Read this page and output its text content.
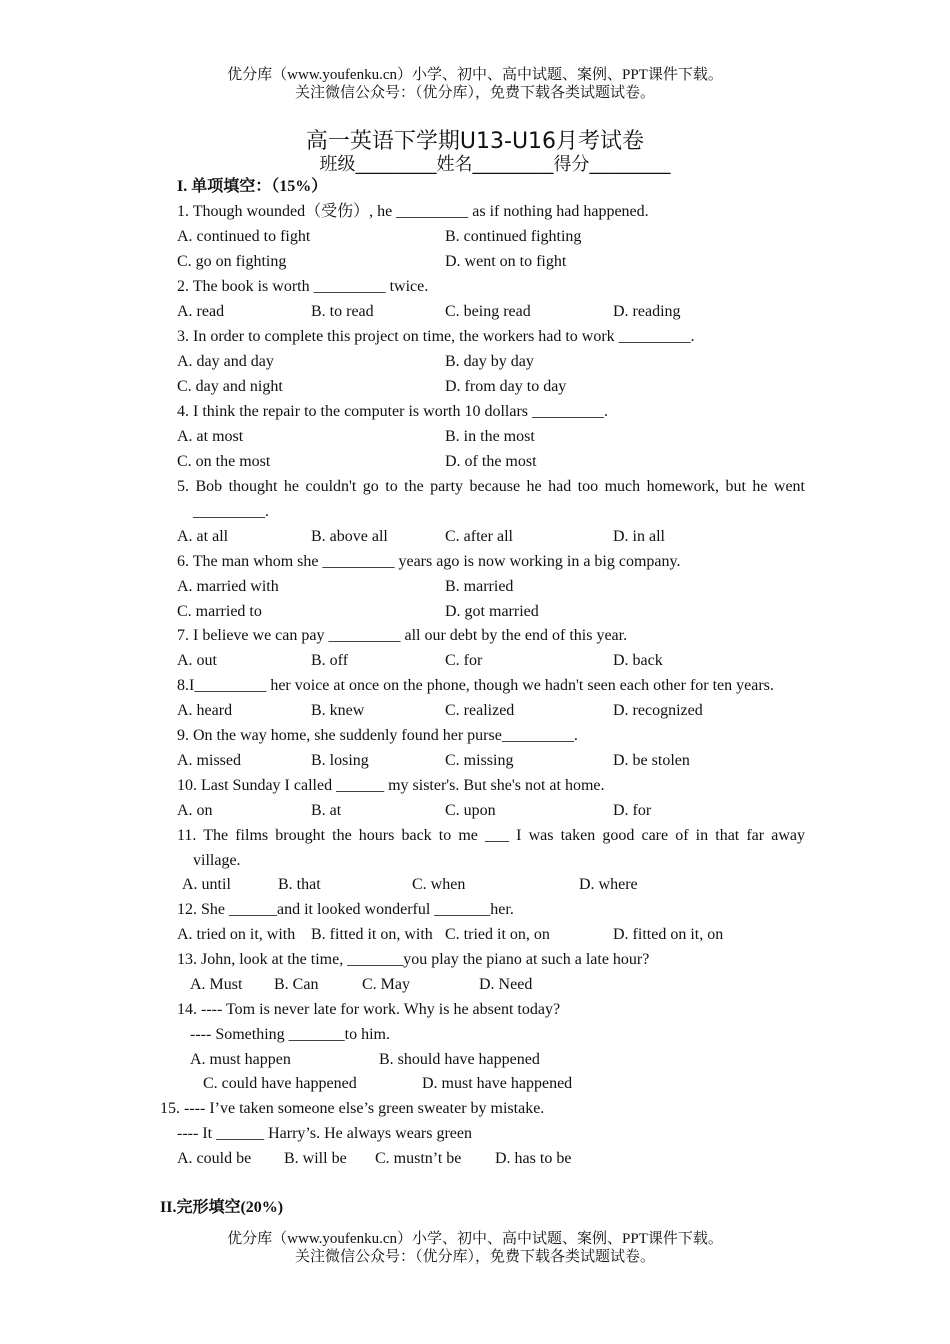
优分库（www.youfenku.cn）小学、初中、高中试题、案例、PPT课件下载。
关注微信公众号：（优分库），免费下载各类试题试卷。
高一英语下学期U13-U16月考试卷
班级_________姓名_________得分_________
I. 单项填空：（15%）
1. Though wounded（受伤）, he _________ as if nothing had happened.
A. continued to fight	B. continued fighting
C. go on fighting	D. went on to fight
2. The book is worth _________ twice.
A. read	B. to read	C. being read	D. reading
3. In order to complete this project on time, the workers had to work _________.
A. day and day	B. day by day
C. day and night	D. from day to day
4. I think the repair to the computer is worth 10 dollars _________.
A. at most	B. in the most
C. on the most	D. of the most
5. Bob thought he couldn't go to the party because he had too much homework, but he went
_________.
A. at all	B. above all	C. after all	D. in all
6. The man whom she _________ years ago is now working in a big company.
A. married with	B. married
C. married to	D. got married
7. I believe we can pay _________ all our debt by the end of this year.
A. out	B. off	C. for	D. back
8.I_________ her voice at once on the phone, though we hadn't seen each other for ten years.
A. heard	B. knew	C. realized	D. recognized
9. On the way home, she suddenly found her purse_________.
A. missed	B. losing	C. missing	D. be stolen
10. Last Sunday I called ______ my sister's. But she's not at home.
A. on	B. at	C. upon	D. for
11. The films brought the hours back to me ___ I was taken good care of in that far away
village.
A. until	B. that	C. when	D. where
12. She ______and it looked wonderful _______her.
A. tried on it, with B. fitted it on, with C. tried it on, on	D. fitted on it, on
13. John, look at the time, _______you play the piano at such a late hour?
A. Must B. Can	C. May	D. Need
14. ---- Tom is never late for work. Why is he absent today?
---- Something _______to him.
A. must happen	B. should have happened
C. could have happened	D. must have happened
15. ---- I’ve taken someone else’s green sweater by mistake.
---- It ______ Harry’s. He always wears green
A. could be B. will be C. mustn’t be D. has to be
II.完形填空(20%)
优分库（www.youfenku.cn）小学、初中、高中试题、案例、PPT课件下载。
关注微信公众号：（优分库），免费下载各类试题试卷。
